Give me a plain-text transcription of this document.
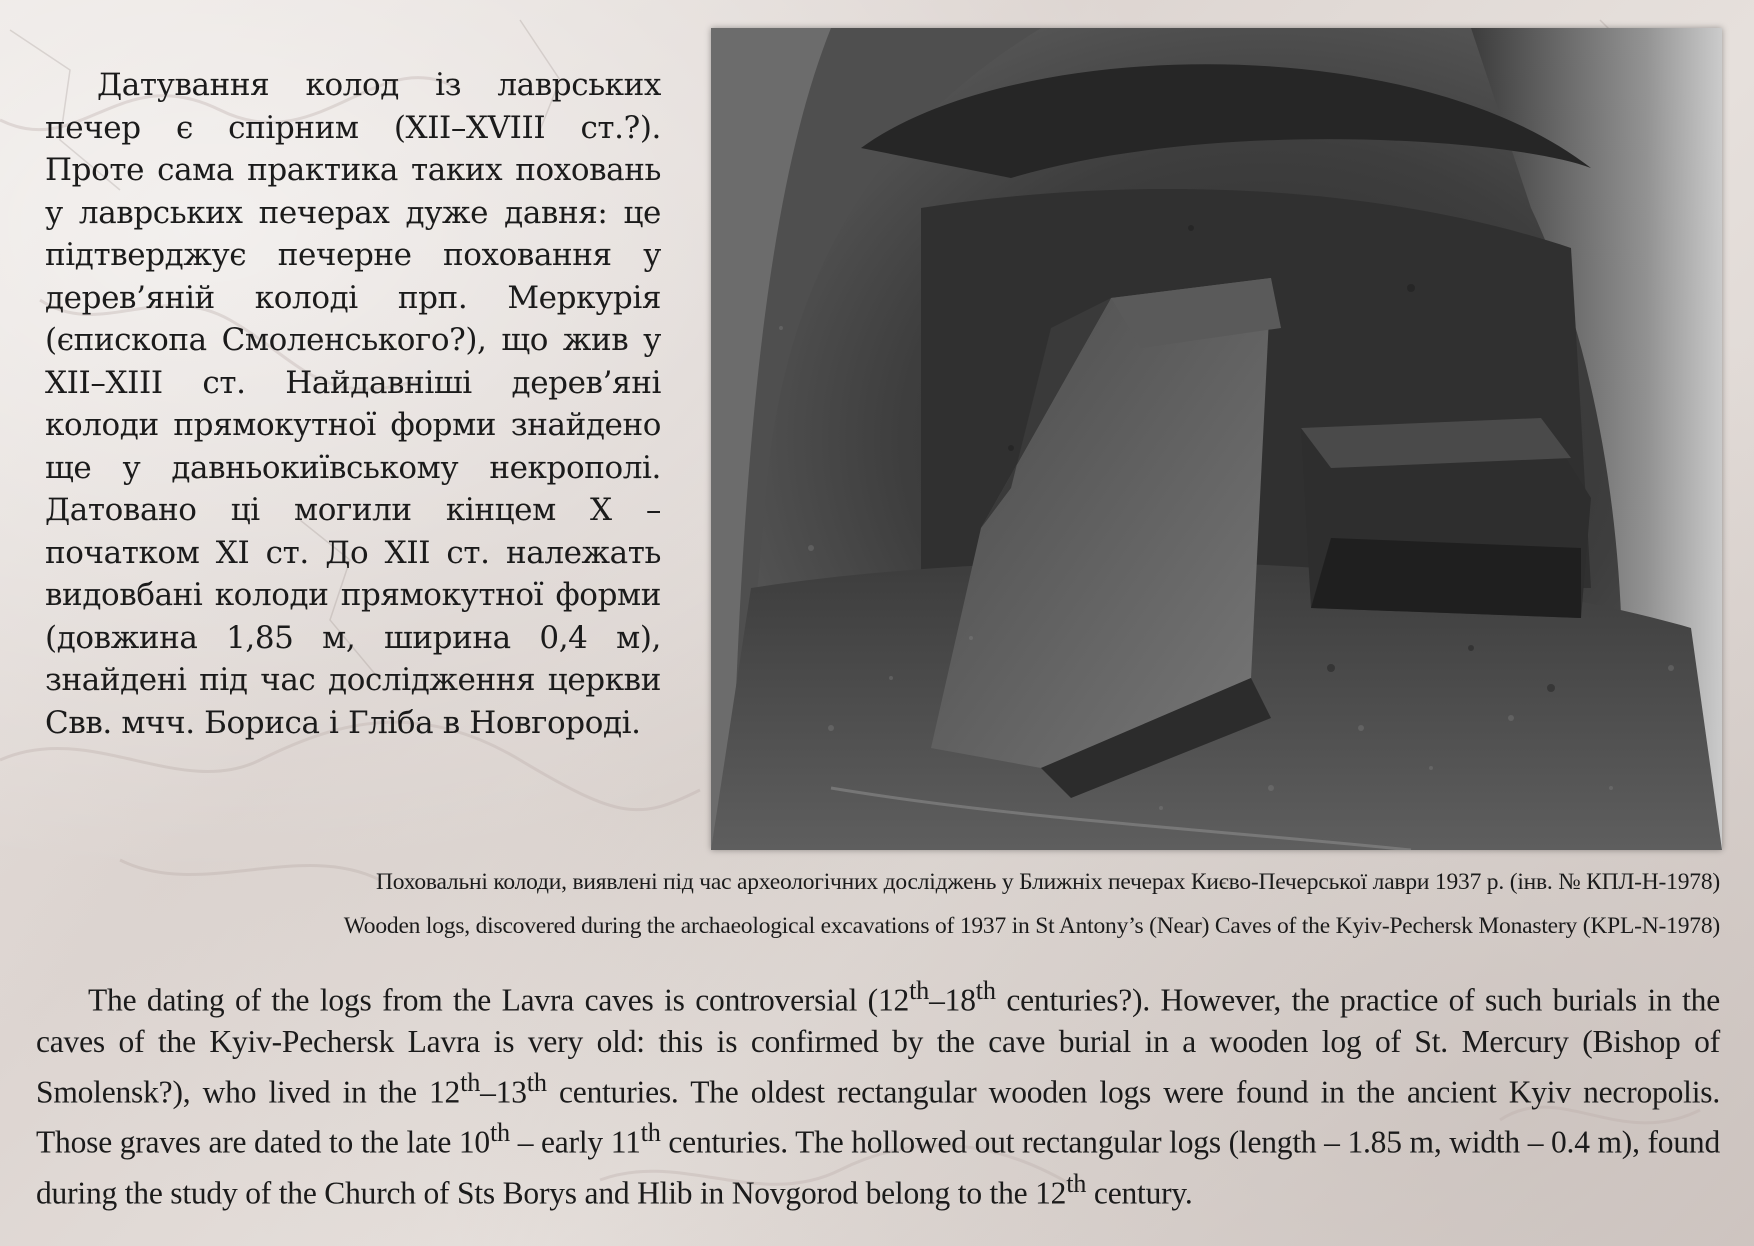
Датування колод із лаврських печер є спірним (XII–XVIII ст.?). Проте сама практика таких поховань у лаврських печерах дуже давня: це підтверджує печерне поховання у дерев’яній колоді прп. Меркурія (єпископа Смоленського?), що жив у XII–XIII ст. Найдавніші дерев’яні колоди прямокутної форми знайдено ще у давньокиївському некрополі. Датовано ці могили кінцем X – початком XI ст. До XII ст. належать видовбані колоди прямокутної форми (довжина 1,85 м, ширина 0,4 м), знайдені під час дослідження церкви Свв. мчч. Бориса і Гліба в Новгороді.

Поховальні колоди, виявлені під час археологічних досліджень у Ближніх печерах Києво-Печерської лаври 1937 р. (інв. № КПЛ-Н-1978)

Wooden logs, discovered during the archaeological excavations of 1937 in St Antony’s (Near) Caves of the Kyiv-Pechersk Monastery (KPL-N-1978)

The dating of the logs from the Lavra caves is controversial (12th–18th centuries?). However, the practice of such burials in the caves of the Kyiv-Pechersk Lavra is very old: this is confirmed by the cave burial in a wooden log of St. Mercury (Bishop of Smolensk?), who lived in the 12th–13th centuries. The oldest rectangular wooden logs were found in the ancient Kyiv necropolis. Those graves are dated to the late 10th – early 11th centuries. The hollowed out rectangular logs (length – 1.85 m, width – 0.4 m), found during the study of the Church of Sts Borys and Hlib in Novgorod belong to the 12th century.
